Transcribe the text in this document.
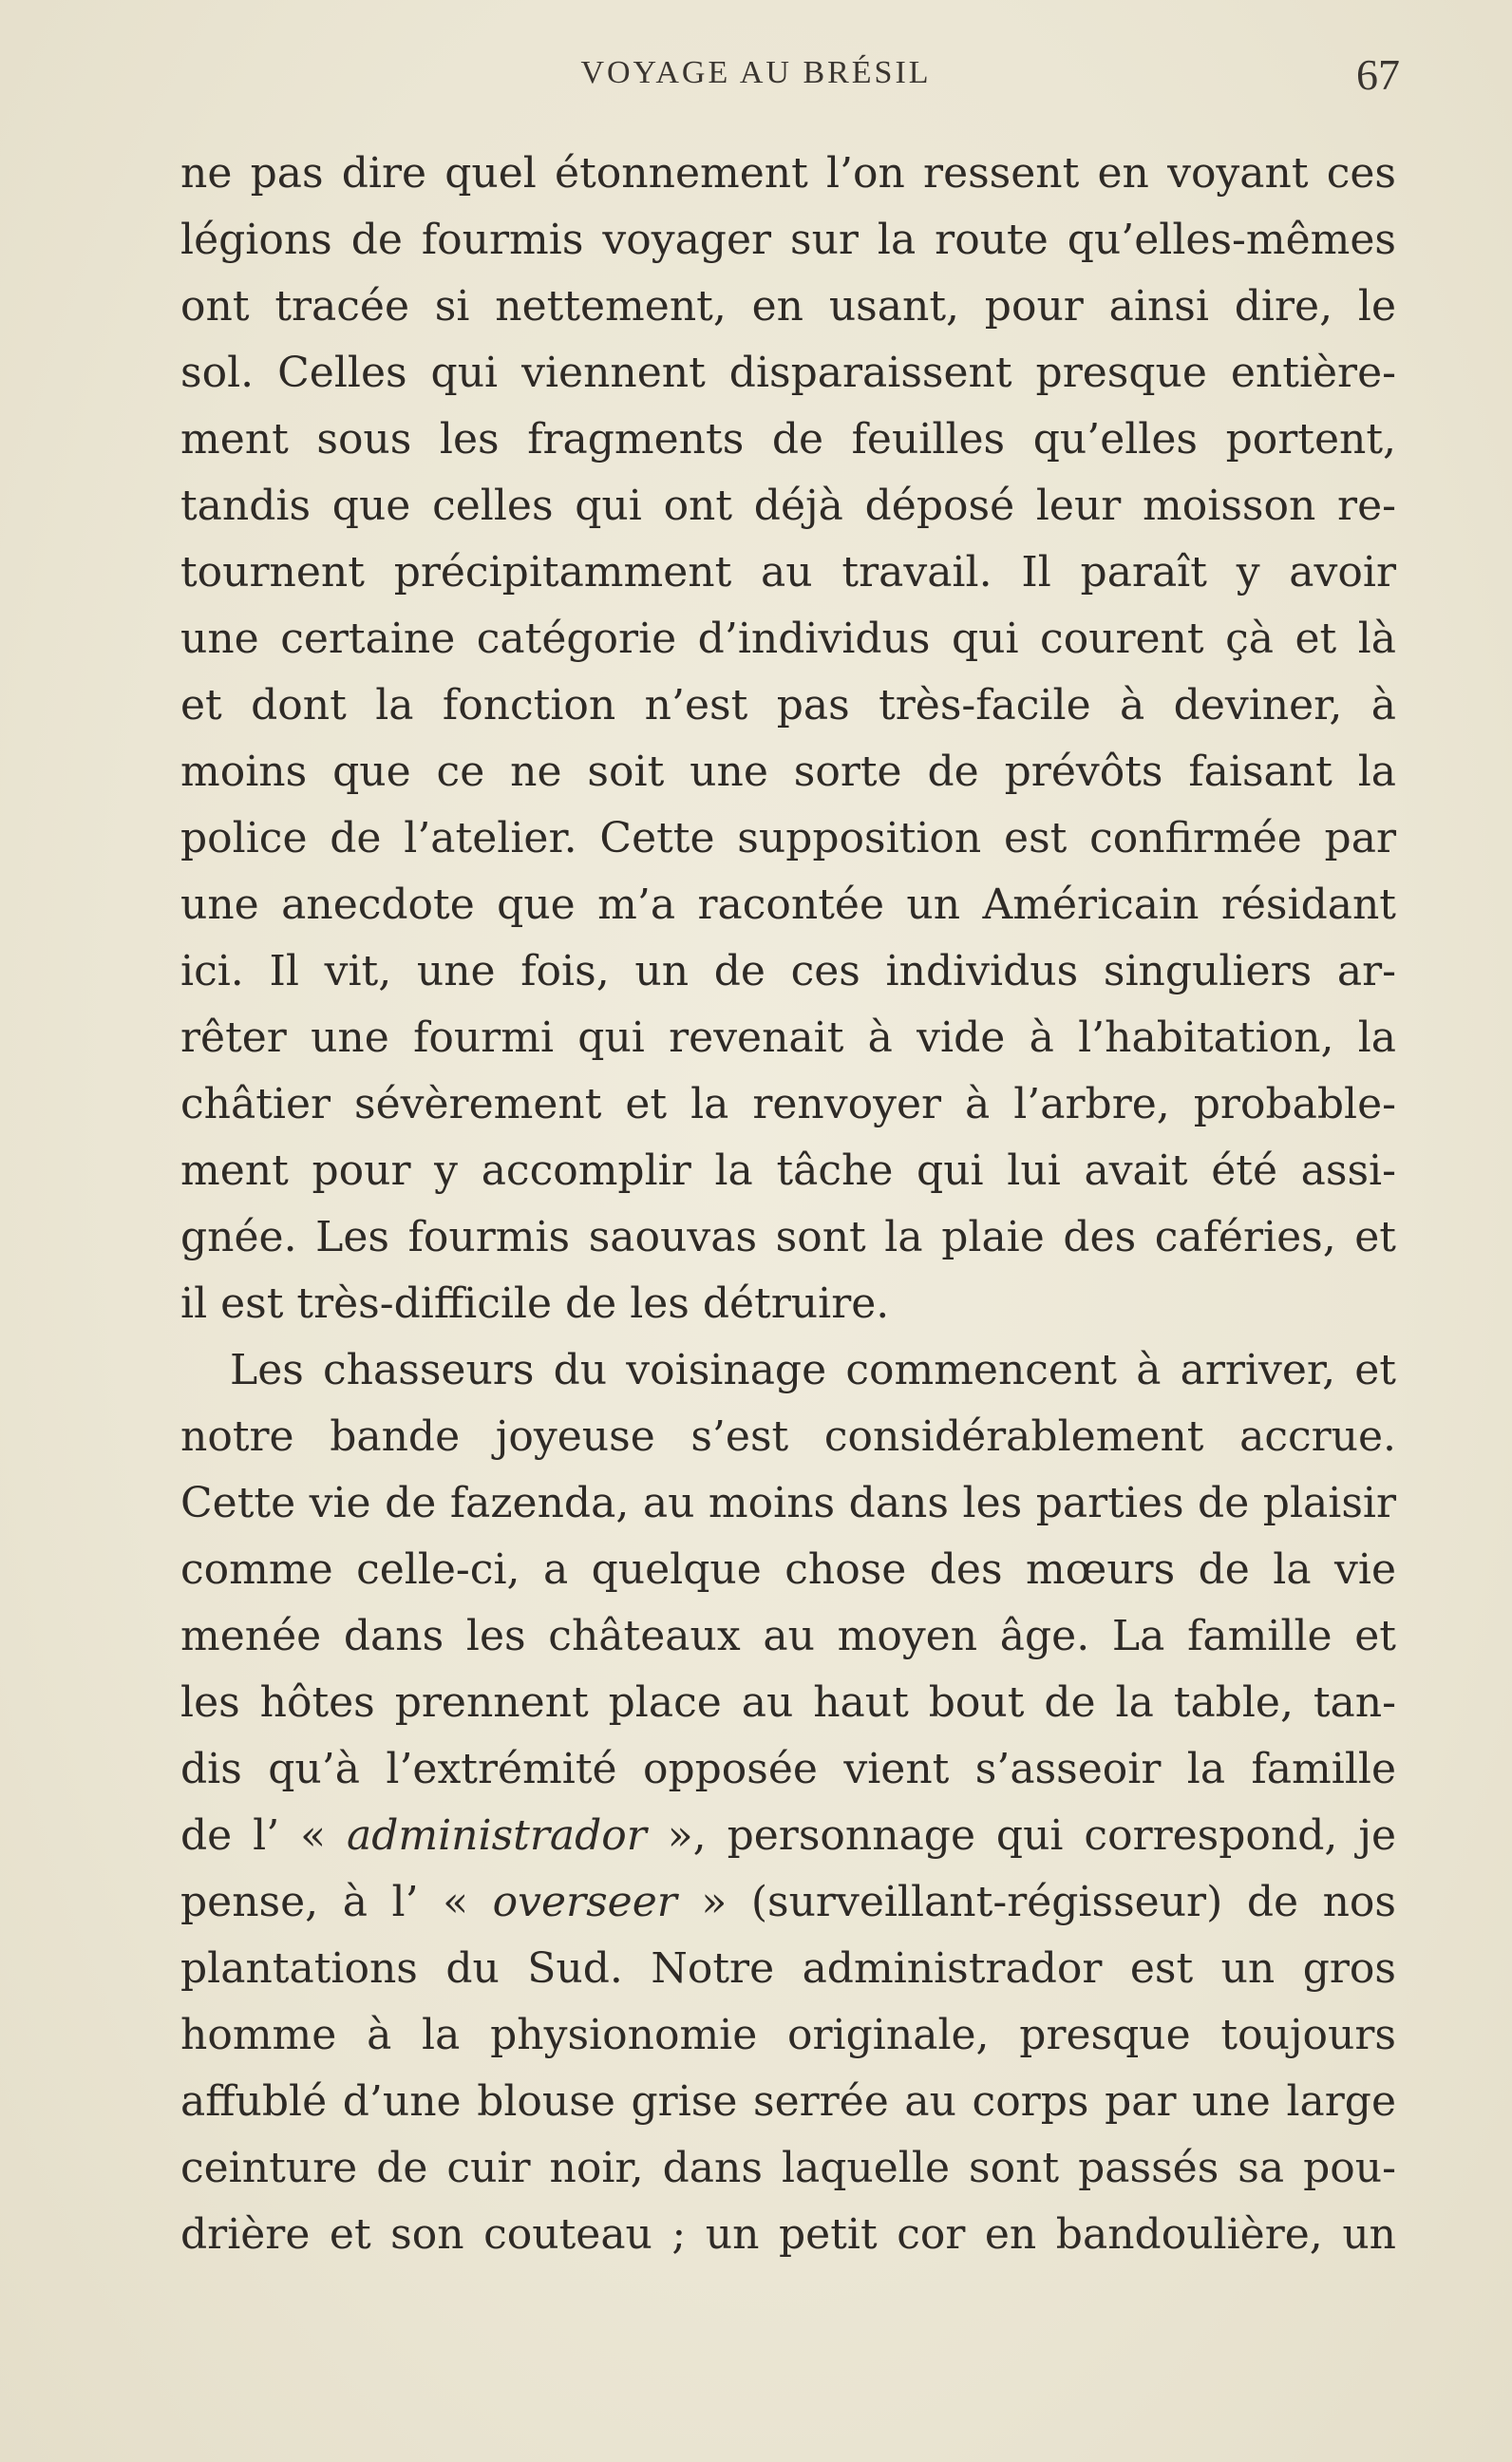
VOYAGE AU BRÉSIL	67
ne pas dire quel étonnement l’on ressent en voyant ces
légions de fourmis voyager sur la route qu’elles-mêmes
ont tracée si nettement, en usant, pour ainsi dire, le
sol. Celles qui viennent disparaissent presque entière-
ment sous les fragments de feuilles qu’elles portent,
tandis que celles qui ont déjà déposé leur moisson re-
tournent précipitamment au travail. Il paraît y avoir
une certaine catégorie d’individus qui courent çà et là
et dont la fonction n’est pas très-facile à deviner, à
moins que ce ne soit une sorte de prévôts faisant la
police de l’atelier. Cette supposition est confirmée par
une anecdote que m’a racontée un Américain résidant
ici. Il vit, une fois, un de ces individus singuliers ar-
rêter une fourmi qui revenait à vide à l’habitation, la
châtier sévèrement et la renvoyer à l’arbre, probable-
ment pour y accomplir la tâche qui lui avait été assi-
gnée. Les fourmis saouvas sont la plaie des caféries, et
il est très-difficile de les détruire.
Les chasseurs du voisinage commencent à arriver, et
notre bande joyeuse s’est considérablement accrue.
Cette vie de fazenda, au moins dans les parties de plaisir
comme celle-ci, a quelque chose des mœurs de la vie
menée dans les châteaux au moyen âge. La famille et
les hôtes prennent place au haut bout de la table, tan-
dis qu’à l’extrémité opposée vient s’asseoir la famille
de l’ « administrador », personnage qui correspond, je
pense, à l’ « overseer » (surveillant-régisseur) de nos
plantations du Sud. Notre administrador est un gros
homme à la physionomie originale, presque toujours
affublé d’une blouse grise serrée au corps par une large
ceinture de cuir noir, dans laquelle sont passés sa pou-
drière et son couteau ; un petit cor en bandoulière, un
